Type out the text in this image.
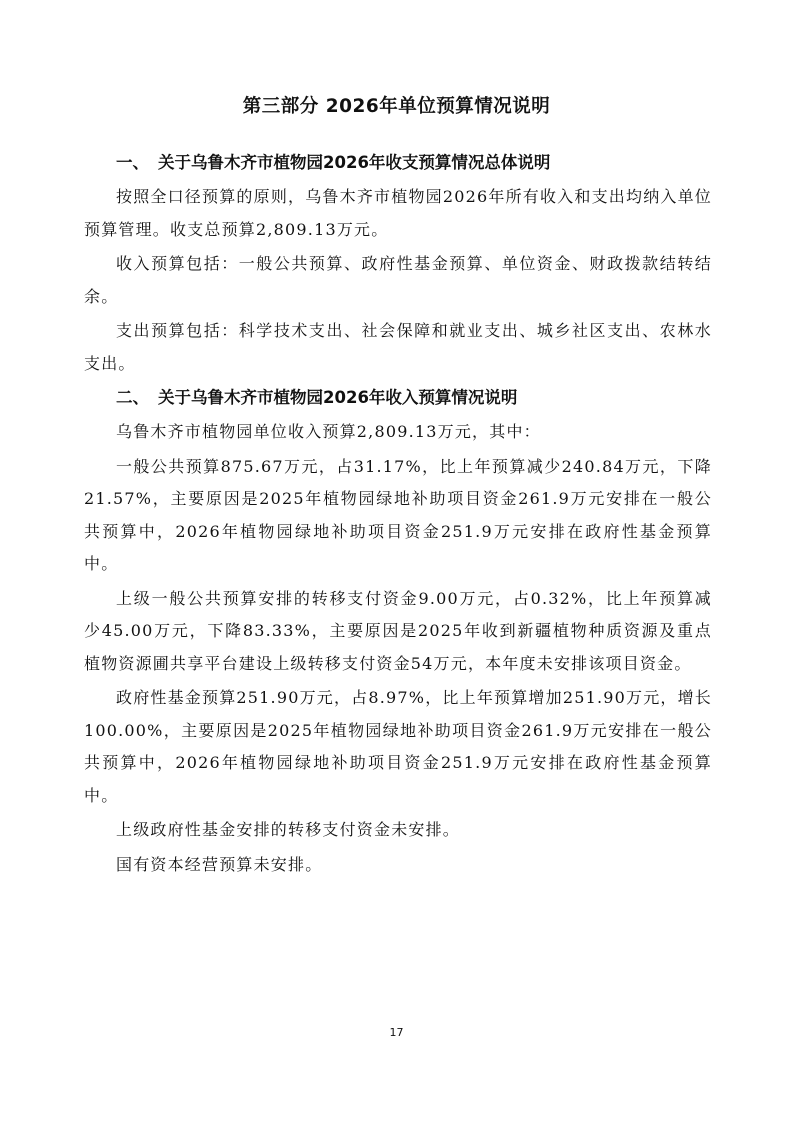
第三部分 2026年单位预算情况说明
一、 关于乌鲁木齐市植物园2026年收支预算情况总体说明

按照全口径预算的原则，乌鲁木齐市植物园2026年所有收入和支出均纳入单位预算管理。收支总预算2,809.13万元。

收入预算包括：一般公共预算、政府性基金预算、单位资金、财政拨款结转结余。

支出预算包括：科学技术支出、社会保障和就业支出、城乡社区支出、农林水支出。

二、 关于乌鲁木齐市植物园2026年收入预算情况说明

乌鲁木齐市植物园单位收入预算2,809.13万元，其中：

一般公共预算875.67万元，占31.17%，比上年预算减少240.84万元，下降21.57%，主要原因是2025年植物园绿地补助项目资金261.9万元安排在一般公共预算中，2026年植物园绿地补助项目资金251.9万元安排在政府性基金预算中。

上级一般公共预算安排的转移支付资金9.00万元，占0.32%，比上年预算减少45.00万元，下降83.33%，主要原因是2025年收到新疆植物种质资源及重点植物资源圃共享平台建设上级转移支付资金54万元，本年度未安排该项目资金。

政府性基金预算251.90万元，占8.97%，比上年预算增加251.90万元，增长100.00%，主要原因是2025年植物园绿地补助项目资金261.9万元安排在一般公共预算中，2026年植物园绿地补助项目资金251.9万元安排在政府性基金预算中。

上级政府性基金安排的转移支付资金未安排。

国有资本经营预算未安排。

17
